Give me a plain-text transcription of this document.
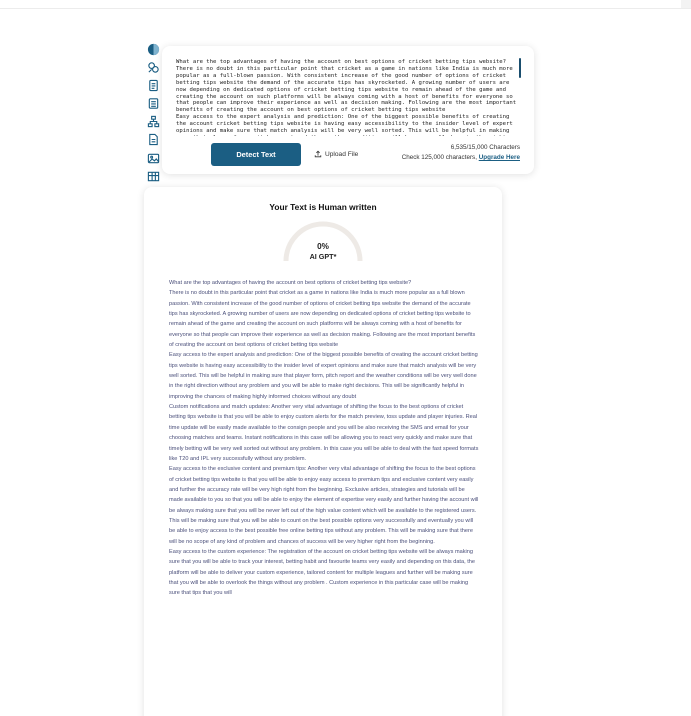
What are the top advantages of having the account on best options of cricket betting tips website?
There is no doubt in this particular point that cricket as a game in nations like India is much more popular as a full-blown passion. With consistent increase of the good number of options of cricket betting tips website the demand of the accurate tips has skyrocketed. A growing number of users are now depending on dedicated options of cricket betting tips website to remain ahead of the game and creating the account on such platforms will be always coming with a host of benefits for everyone so that people can improve their experience as well as decision making. Following are the most important benefits of creating the account on best options of cricket betting tips website
Easy access to the expert analysis and prediction: One of the biggest possible benefits of creating the account cricket betting tips website is having easy accessibility to the insider level of expert opinions and make sure that match analysis will be very well sorted. This will be helpful in making
Detect Text	Upload File
6,535/15,000 Characters
Check 125,000 characters, Upgrade Here
Your Text is Human written
0%
AI GPT*

What are the top advantages of having the account on best options of cricket betting tips website?

There is no doubt in this particular point that cricket as a game in nations like India is much more popular as a full blown passion. With consistent increase of the good number of options of cricket betting tips website the demand of the accurate tips has skyrocketed. A growing number of users are now depending on dedicated options of cricket betting tips website to remain ahead of the game and creating the account on such platforms will be always coming with a host of benefits for everyone so that people can improve their experience as well as decision making. Following are the most important benefits of creating the account on best options of cricket betting tips website

Easy access to the expert analysis and prediction: One of the biggest possible benefits of creating the account cricket betting tips website is having easy accessibility to the insider level of expert opinions and make sure that match analysis will be very well sorted. This will be helpful in making sure that player form, pitch report and the weather conditions will be very well done in the right direction without any problem and you will be able to make right decisions. This will be significantly helpful in improving the chances of making highly informed choices without any doubt

Custom notifications and match updates: Another very vital advantage of shifting the focus to the best options of cricket betting tips website is that you will be able to enjoy custom alerts for the match preview, toss update and player injuries. Real time update will be easily made available to the consign people and you will be also receiving the SMS and email for your choosing matches and teams. Instant notifications in this case will be allowing you to react very quickly and make sure that timely betting will be very well sorted out without any problem. In this case you will be able to deal with the fast speed formats like T20 and IPL very successfully without any problem.

Easy access to the exclusive content and premium tips: Another very vital advantage of shifting the focus to the best options of cricket betting tips website is that you will be able to enjoy easy access to premium tips and exclusive content very easily and further the accuracy rate will be very high right from the beginning. Exclusive articles, strategies and tutorials will be made available to you so that you will be able to enjoy the element of expertise very easily and further having the account will be always making sure that you will be never left out of the high value content which will be available to the registered users. This will be making sure that you will be able to count on the best possible options very successfully and eventually you will be able to enjoy access to the best possible free online betting tips without any problem. This will be making sure that there will be no scope of any kind of problem and chances of success will be very higher right from the beginning.

Easy access to the custom experience: The registration of the account on cricket betting tips website will be always making sure that you will be able to track your interest, betting habit and favourite teams very easily and depending on this data, the platform will be able to deliver your custom experience, tailored content for multiple leagues and further will be making sure that you will be able to overlook the things without any problem . Custom experience in this particular case will be making sure that tips that you will
